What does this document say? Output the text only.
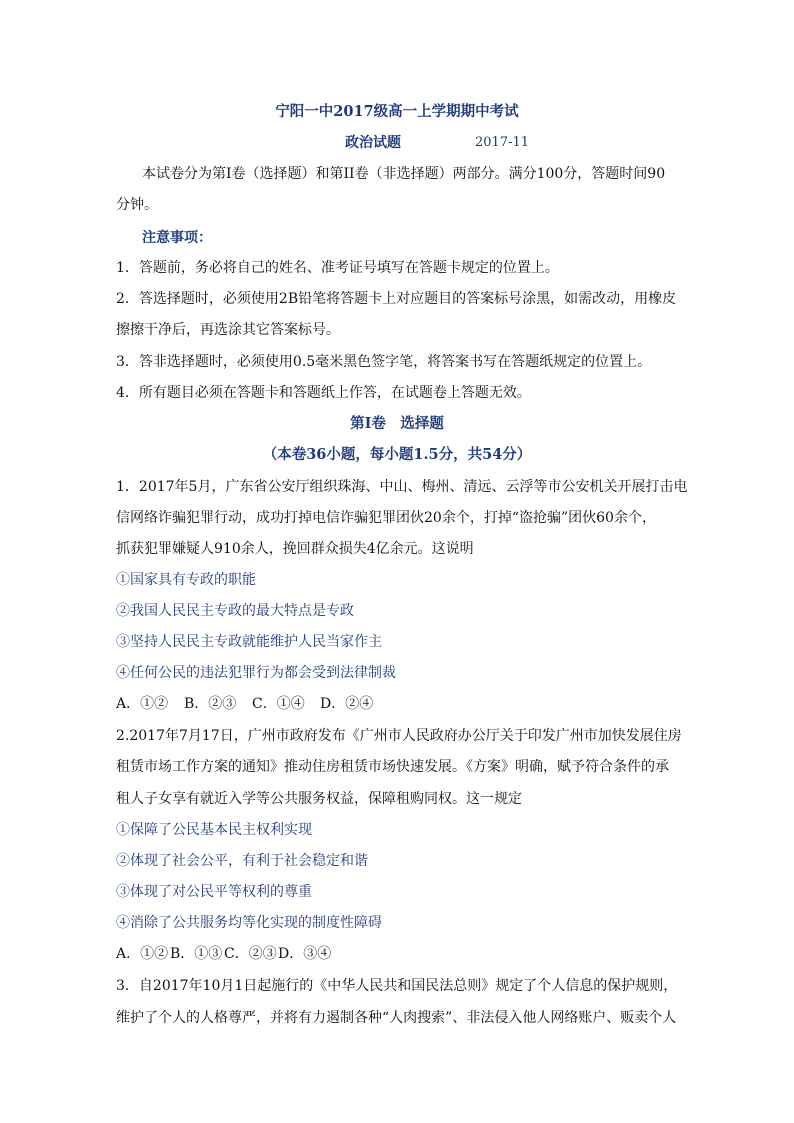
宁阳一中2017级高一上学期期中考试
政治试题	2017-11
本试卷分为第Ⅰ卷（选择题）和第II卷（非选择题）两部分。满分100分，答题时间90
分钟。
注意事项：
1．答题前，务必将自己的姓名、准考证号填写在答题卡规定的位置上。
2．答选择题时，必须使用2B铅笔将答题卡上对应题目的答案标号涂黑，如需改动，用橡皮
擦擦干净后，再选涂其它答案标号。
3．答非选择题时，必须使用0.5毫米黑色签字笔，将答案书写在答题纸规定的位置上。
4．所有题目必须在答题卡和答题纸上作答，在试题卷上答题无效。
第Ⅰ卷　选择题
（本卷36小题，每小题1.5分，共54分）
1．2017年5月，广东省公安厅组织珠海、中山、梅州、清远、云浮等市公安机关开展打击电
信网络诈骗犯罪行动，成功打掉电信诈骗犯罪团伙20余个，打掉“盗抢骗”团伙60余个，
抓获犯罪嫌疑人910余人，挽回群众损失4亿余元。这说明
①国家具有专政的职能
②我国人民民主专政的最大特点是专政
③坚持人民民主专政就能维护人民当家作主
④任何公民的违法犯罪行为都会受到法律制裁
A．①② B．②③ C．①④ D．②④
2.2017年7月17日，广州市政府发布《广州市人民政府办公厅关于印发广州市加快发展住房
租赁市场工作方案的通知》推动住房租赁市场快速发展。《方案》明确，赋予符合条件的承
租人子女享有就近入学等公共服务权益，保障租购同权。这一规定
①保障了公民基本民主权利实现
②体现了社会公平，有利于社会稳定和谐
③体现了对公民平等权利的尊重
④消除了公共服务均等化实现的制度性障碍
A．①② B．①③ C．②③D．③④
3．自2017年10月1日起施行的《中华人民共和国民法总则》规定了个人信息的保护规则，
维护了个人的人格尊严，并将有力遏制各种“人肉搜索”、非法侵入他人网络账户、贩卖个人
